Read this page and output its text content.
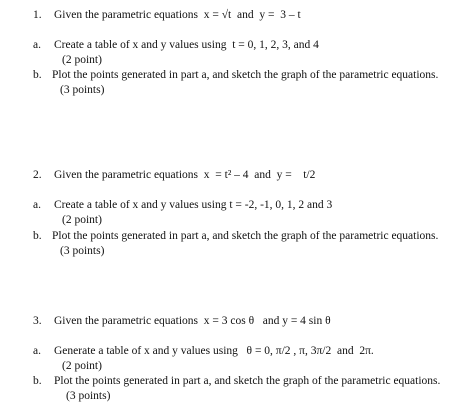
1. Given the parametric equations  x = √t  and  y =  3 – t
a. Create a table of x and y values using  t = 0, 1, 2, 3, and 4
(2 point)
b. Plot the points generated in part a, and sketch the graph of the parametric equations.
(3 points)
2. Given the parametric equations  x  = t² – 4  and  y =    t/2
a. Create a table of x and y values using t = -2, -1, 0, 1, 2 and 3
(2 point)
b. Plot the points generated in part a, and sketch the graph of the parametric equations.
(3 points)
3. Given the parametric equations  x = 3 cos θ   and y = 4 sin θ
a. Generate a table of x and y values using   θ = 0, π/2 , π, 3π/2  and  2π.
(2 point)
b. Plot the points generated in part a, and sketch the graph of the parametric equations.
(3 points)
